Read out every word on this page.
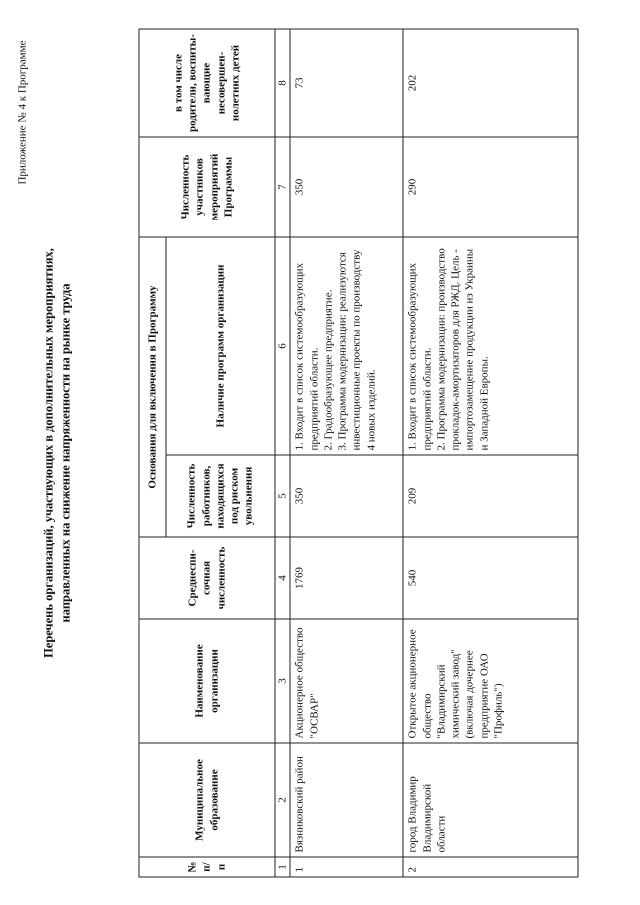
Приложение № 4 к Программе
Перечень организаций, участвующих в дополнительных мероприятиях, направленных на снижение напряженности на рынке труда
№ п/п	Муниципальное образование	Наименование организации	Среднеспи-сочная численность	Основания для включения в Программу		Численность участников мероприятий Программы	в том числе родители, воспиты-вающие несовершен-нолетних детей
				Численность работников, находящихся под риском увольнения	Наличие программ организации		
1	2	3	4	5	6	7	8
1	Вязниковский район	Акционерное общество "ОСВАР"	1769	350	1. Входит в список системообразующих предприятий области. 2. Градообразующее предприятие. 3. Программа модернизации: реализуются инвестиционные проекты по производству 4 новых изделий.	350	73
2	город Владимир Владимирской области	Открытое акционерное общество "Владимирский химический завод" (включая дочернее предприятие ОАО "Профиль")	540	209	1. Входит в список системообразующих предприятий области. 2. Программа модернизации: производство прокладок-амортизаторов для РЖД. Цель - импортозамещение продукции из Украины и Западной Европы.	290	202
